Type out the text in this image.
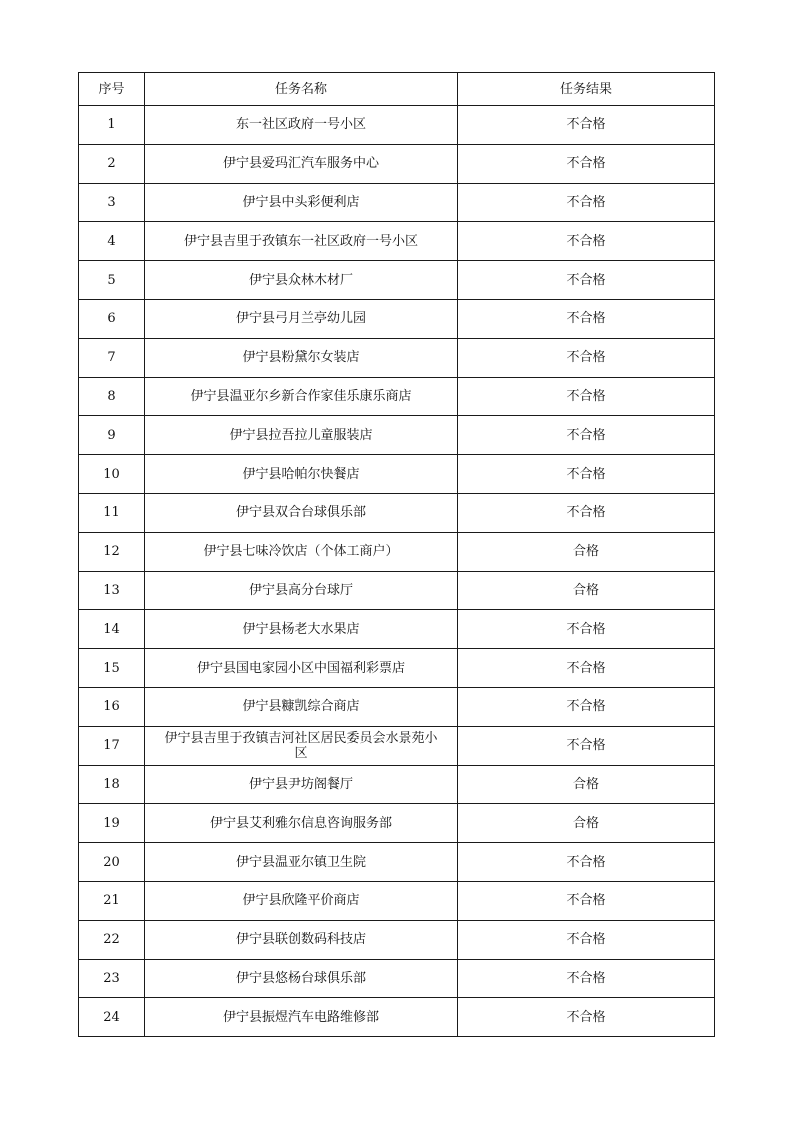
序号	任务名称	任务结果
1	东一社区政府一号小区	不合格
2	伊宁县爱玛汇汽车服务中心	不合格
3	伊宁县中头彩便利店	不合格
4	伊宁县吉里于孜镇东一社区政府一号小区	不合格
5	伊宁县众林木材厂	不合格
6	伊宁县弓月兰亭幼儿园	不合格
7	伊宁县粉黛尔女装店	不合格
8	伊宁县温亚尔乡新合作家佳乐康乐商店	不合格
9	伊宁县拉吾拉儿童服装店	不合格
10	伊宁县哈帕尔快餐店	不合格
11	伊宁县双合台球俱乐部	不合格
12	伊宁县七味冷饮店（个体工商户）	合格
13	伊宁县高分台球厅	合格
14	伊宁县杨老大水果店	不合格
15	伊宁县国电家园小区中国福利彩票店	不合格
16	伊宁县糠凯综合商店	不合格
17	伊宁县吉里于孜镇吉河社区居民委员会水景苑小区	不合格
18	伊宁县尹坊阁餐厅	合格
19	伊宁县艾利雅尔信息咨询服务部	合格
20	伊宁县温亚尔镇卫生院	不合格
21	伊宁县欣隆平价商店	不合格
22	伊宁县联创数码科技店	不合格
23	伊宁县悠杨台球俱乐部	不合格
24	伊宁县振煜汽车电路维修部	不合格
